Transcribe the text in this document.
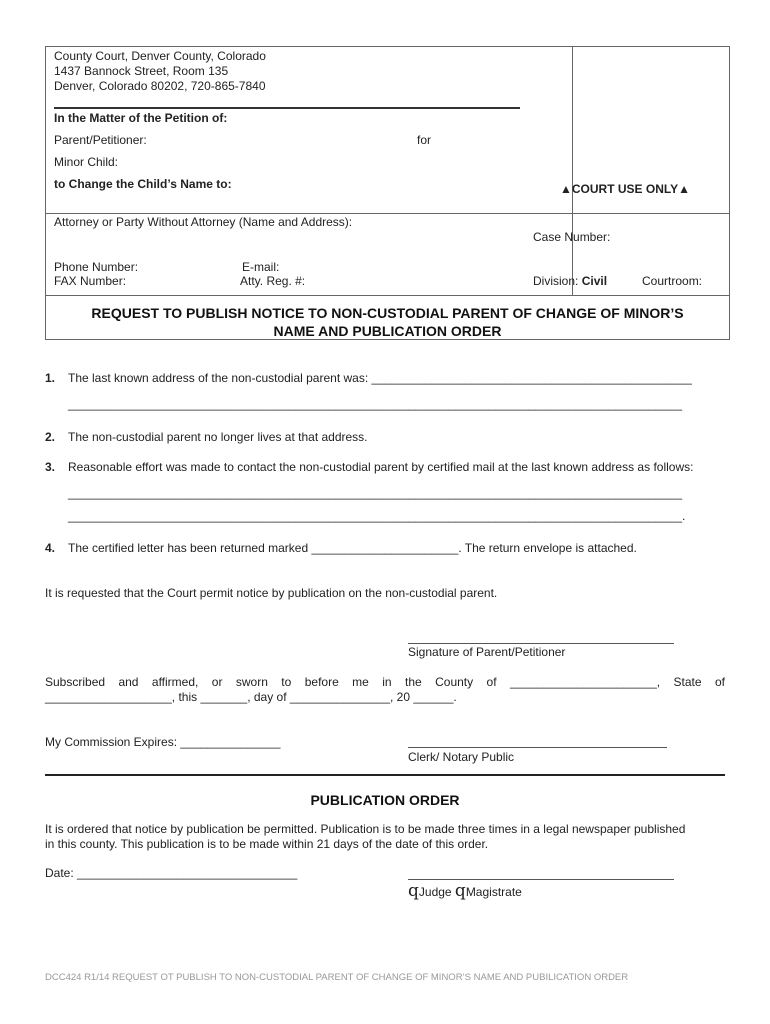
County Court, Denver County, Colorado
1437 Bannock Street, Room 135
Denver, Colorado 80202, 720-865-7840
In the Matter of the Petition of:
Parent/Petitioner:	for
Minor Child:
to Change the Child’s Name to:	▲COURT USE ONLY▲
Attorney or Party Without Attorney (Name and Address):
Case Number:
Phone Number:	E-mail:
FAX Number:	Atty. Reg. #:	Division: Civil	Courtroom:
REQUEST TO PUBLISH NOTICE TO NON-CUSTODIAL PARENT OF CHANGE OF MINOR’S
NAME AND PUBLICATION ORDER
1. The last known address of the non-custodial parent was: ________________________________________________
____________________________________________________________________________________________
2. The non-custodial parent no longer lives at that address.
3. Reasonable effort was made to contact the non-custodial parent by certified mail at the last known address as follows:
____________________________________________________________________________________________
____________________________________________________________________________________________.
4. The certified letter has been returned marked ______________________. The return envelope is attached.
It is requested that the Court permit notice by publication on the non-custodial parent.
Signature of Parent/Petitioner
Subscribed and affirmed, or sworn to before me in the County of ______________________, State of
___________________, this _______, day of _______________, 20 ______.
My Commission Expires: _______________
Clerk/ Notary Public
PUBLICATION ORDER
It is ordered that notice by publication be permitted. Publication is to be made three times in a legal newspaper published
in this county. This publication is to be made within 21 days of the date of this order.
Date: _________________________________
qJudge qMagistrate
DCC424 R1/14 REQUEST OT PUBLISH TO NON-CUSTODIAL PARENT OF CHANGE OF MINOR’S NAME AND PUBILICATION ORDER
